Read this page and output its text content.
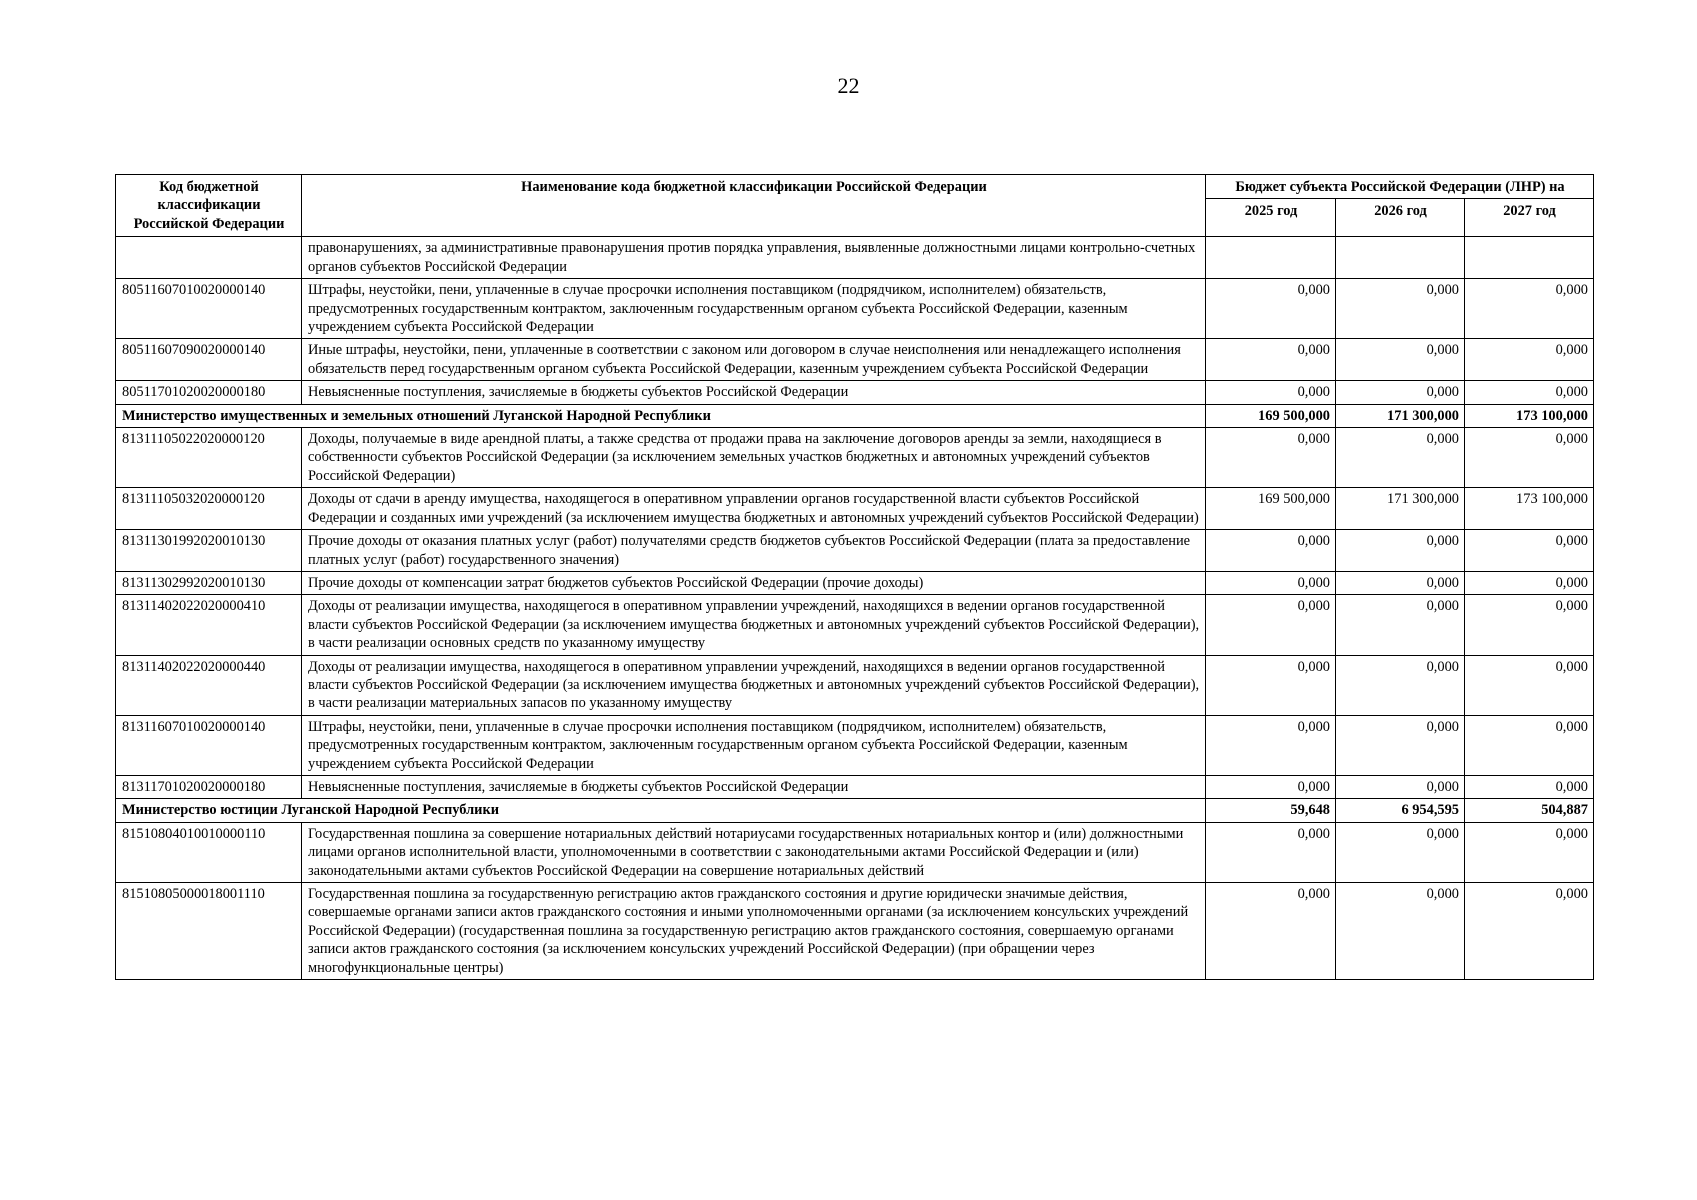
22
Код бюджетной классификации Российской Федерации	Наименование кода бюджетной классификации Российской Федерации	Бюджет субъекта Российской Федерации (ЛНР) на		
		2025 год	2026 год	2027 год
	правонарушениях, за административные правонарушения против порядка управления, выявленные должностными лицами контрольно-счетных органов субъектов Российской Федерации			
80511607010020000140	Штрафы, неустойки, пени, уплаченные в случае просрочки исполнения поставщиком (подрядчиком, исполнителем) обязательств, предусмотренных государственным контрактом, заключенным государственным органом субъекта Российской Федерации, казенным учреждением субъекта Российской Федерации	0,000	0,000	0,000
80511607090020000140	Иные штрафы, неустойки, пени, уплаченные в соответствии с законом или договором в случае неисполнения или ненадлежащего исполнения обязательств перед государственным органом субъекта Российской Федерации, казенным учреждением субъекта Российской Федерации	0,000	0,000	0,000
80511701020020000180	Невыясненные поступления, зачисляемые в бюджеты субъектов Российской Федерации	0,000	0,000	0,000
Министерство имущественных и земельных отношений Луганской Народной Республики		169 500,000	171 300,000	173 100,000
81311105022020000120	Доходы, получаемые в виде арендной платы, а также средства от продажи права на заключение договоров аренды за земли, находящиеся в собственности субъектов Российской Федерации (за исключением земельных участков бюджетных и автономных учреждений субъектов Российской Федерации)	0,000	0,000	0,000
81311105032020000120	Доходы от сдачи в аренду имущества, находящегося в оперативном управлении органов государственной власти субъектов Российской Федерации и созданных ими учреждений (за исключением имущества бюджетных и автономных учреждений субъектов Российской Федерации)	169 500,000	171 300,000	173 100,000
81311301992020010130	Прочие доходы от оказания платных услуг (работ) получателями средств бюджетов субъектов Российской Федерации (плата за предоставление платных услуг (работ) государственного значения)	0,000	0,000	0,000
81311302992020010130	Прочие доходы от компенсации затрат бюджетов субъектов Российской Федерации (прочие доходы)	0,000	0,000	0,000
81311402022020000410	Доходы от реализации имущества, находящегося в оперативном управлении учреждений, находящихся в ведении органов государственной власти субъектов Российской Федерации (за исключением имущества бюджетных и автономных учреждений субъектов Российской Федерации), в части реализации основных средств по указанному имуществу	0,000	0,000	0,000
81311402022020000440	Доходы от реализации имущества, находящегося в оперативном управлении учреждений, находящихся в ведении органов государственной власти субъектов Российской Федерации (за исключением имущества бюджетных и автономных учреждений субъектов Российской Федерации), в части реализации материальных запасов по указанному имуществу	0,000	0,000	0,000
81311607010020000140	Штрафы, неустойки, пени, уплаченные в случае просрочки исполнения поставщиком (подрядчиком, исполнителем) обязательств, предусмотренных государственным контрактом, заключенным государственным органом субъекта Российской Федерации, казенным учреждением субъекта Российской Федерации	0,000	0,000	0,000
81311701020020000180	Невыясненные поступления, зачисляемые в бюджеты субъектов Российской Федерации	0,000	0,000	0,000
Министерство юстиции Луганской Народной Республики		59,648	6 954,595	504,887
81510804010010000110	Государственная пошлина за совершение нотариальных действий нотариусами государственных нотариальных контор и (или) должностными лицами органов исполнительной власти, уполномоченными в соответствии с законодательными актами Российской Федерации и (или) законодательными актами субъектов Российской Федерации на совершение нотариальных действий	0,000	0,000	0,000
81510805000018001110	Государственная пошлина за государственную регистрацию актов гражданского состояния и другие юридически значимые действия, совершаемые органами записи актов гражданского состояния и иными уполномоченными органами (за исключением консульских учреждений Российской Федерации) (государственная пошлина за государственную регистрацию актов гражданского состояния, совершаемую органами записи актов гражданского состояния (за исключением консульских учреждений Российской Федерации) (при обращении через многофункциональные центры)	0,000	0,000	0,000
